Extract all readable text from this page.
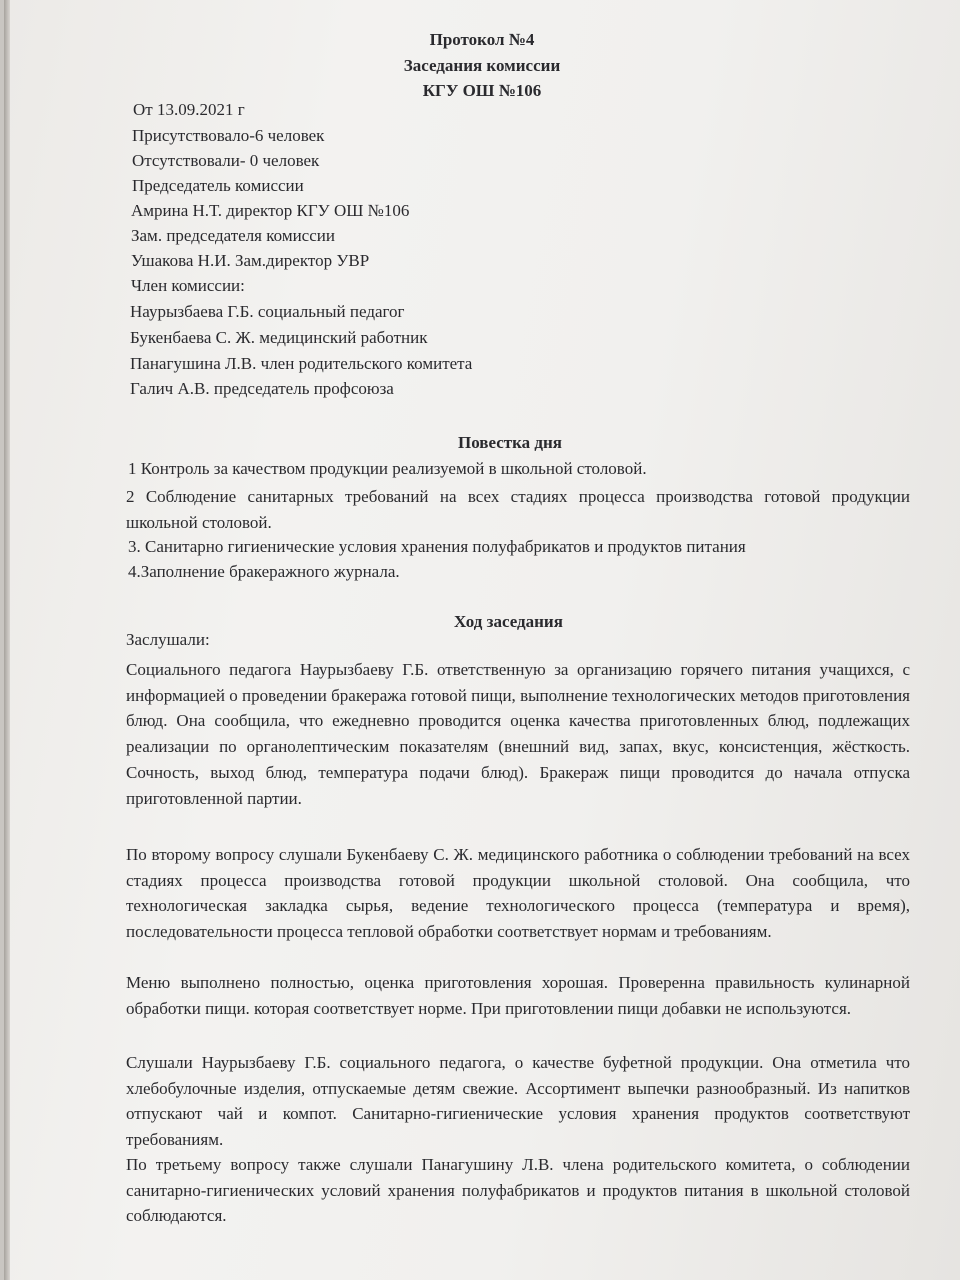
Протокол №4
Заседания комиссии
КГУ ОШ №106
От 13.09.2021 г
Присутствовало-6 человек
Отсутствовали- 0 человек
Председатель комиссии
Амрина Н.Т. директор КГУ ОШ №106
Зам. председателя комиссии
Ушакова Н.И. Зам.директор УВР
Член комиссии:
Наурызбаева Г.Б. социальный педагог
Букенбаева С. Ж. медицинский работник
Панагушина Л.В. член родительского комитета
Галич А.В. председатель профсоюза
Повестка дня
1 Контроль за качеством продукции реализуемой в школьной столовой.
2 Соблюдение санитарных требований на всех стадиях процесса производства готовой продукции школьной столовой.
3. Санитарно гигиенические условия хранения полуфабрикатов и продуктов питания
4.Заполнение бракеражного журнала.
Ход заседания
Заслушали:
Социального педагога Наурызбаеву Г.Б. ответственную за организацию горячего питания учащихся, с информацией о проведении бракеража готовой пищи, выполнение технологических методов приготовления блюд. Она сообщила, что ежедневно проводится оценка качества приготовленных блюд, подлежащих реализации по органолептическим показателям (внешний вид, запах, вкус, консистенция, жёсткость. Сочность, выход блюд, температура подачи блюд). Бракераж пищи проводится до начала отпуска приготовленной партии.
По второму вопросу слушали Букенбаеву С. Ж. медицинского работника о соблюдении требований на всех стадиях процесса производства готовой продукции школьной столовой. Она сообщила, что технологическая закладка сырья, ведение технологического процесса (температура и время), последовательности процесса тепловой обработки соответствует нормам и требованиям.
Меню выполнено полностью, оценка приготовления хорошая. Проверенна правильность кулинарной обработки пищи. которая соответствует норме. При приготовлении пищи добавки не используются.
Слушали Наурызбаеву Г.Б. социального педагога, о качестве буфетной продукции. Она отметила что хлебобулочные изделия, отпускаемые детям свежие. Ассортимент выпечки разнообразный. Из напитков отпускают чай и компот. Санитарно-гигиенические условия хранения продуктов соответствуют требованиям.
По третьему вопросу также слушали Панагушину Л.В. члена родительского комитета, о соблюдении санитарно-гигиенических условий хранения полуфабрикатов и продуктов питания в школьной столовой соблюдаются.
